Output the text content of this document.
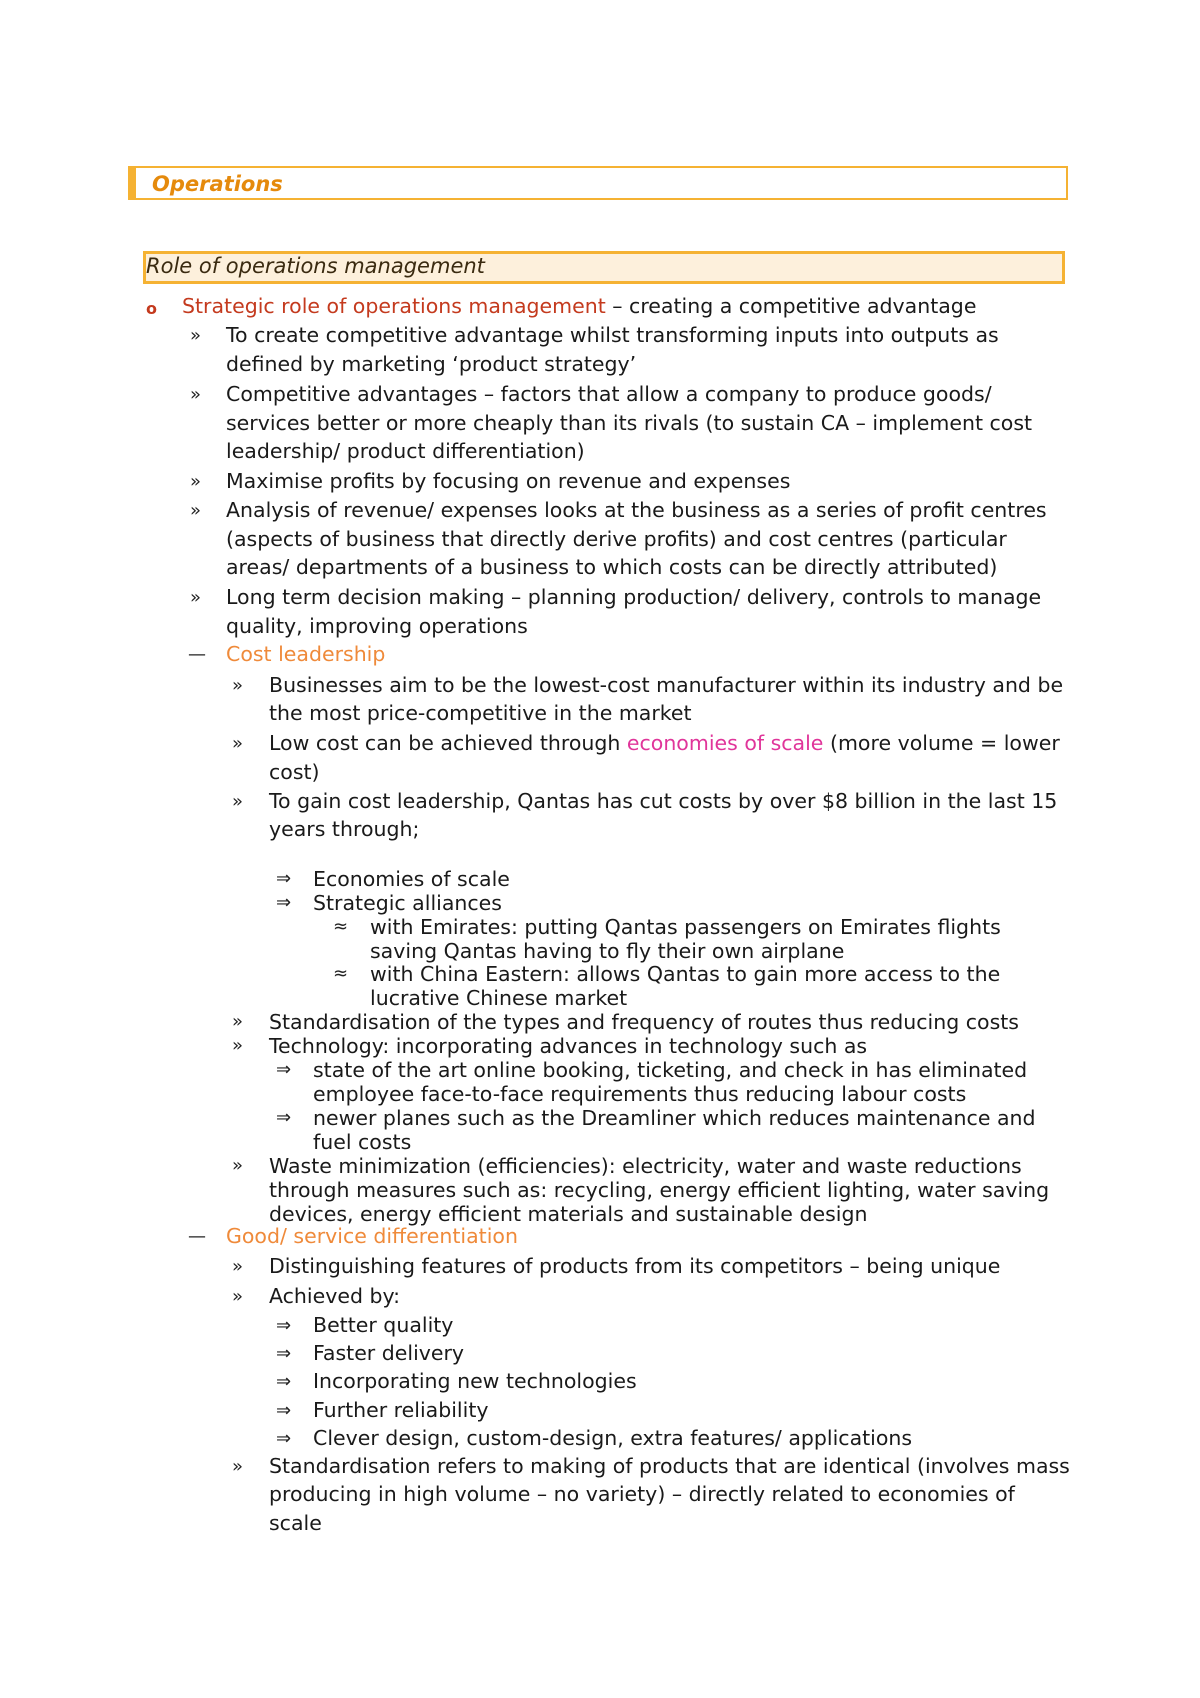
Operations
Role of operations management
o Strategic role of operations management – creating a competitive advantage
» To create competitive advantage whilst transforming inputs into outputs as
defined by marketing ‘product strategy’
» Competitive advantages – factors that allow a company to produce goods/
services better or more cheaply than its rivals (to sustain CA – implement cost
leadership/ product differentiation)
» Maximise profits by focusing on revenue and expenses
» Analysis of revenue/ expenses looks at the business as a series of profit centres
(aspects of business that directly derive profits) and cost centres (particular
areas/ departments of a business to which costs can be directly attributed)
» Long term decision making – planning production/ delivery, controls to manage
quality, improving operations
— Cost leadership
» Businesses aim to be the lowest-cost manufacturer within its industry and be
the most price-competitive in the market
» Low cost can be achieved through economies of scale (more volume = lower
cost)
» To gain cost leadership, Qantas has cut costs by over $8 billion in the last 15
years through;
⇒ Economies of scale
⇒ Strategic alliances
≈ with Emirates: putting Qantas passengers on Emirates flights
saving Qantas having to fly their own airplane
≈ with China Eastern: allows Qantas to gain more access to the
lucrative Chinese market
» Standardisation of the types and frequency of routes thus reducing costs
» Technology: incorporating advances in technology such as
⇒ state of the art online booking, ticketing, and check in has eliminated
employee face-to-face requirements thus reducing labour costs
⇒ newer planes such as the Dreamliner which reduces maintenance and
fuel costs
» Waste minimization (efficiencies): electricity, water and waste reductions
through measures such as: recycling, energy efficient lighting, water saving
devices, energy efficient materials and sustainable design
— Good/ service differentiation
» Distinguishing features of products from its competitors – being unique
» Achieved by:
⇒ Better quality
⇒ Faster delivery
⇒ Incorporating new technologies
⇒ Further reliability
⇒ Clever design, custom-design, extra features/ applications
» Standardisation refers to making of products that are identical (involves mass
producing in high volume – no variety) – directly related to economies of
scale
